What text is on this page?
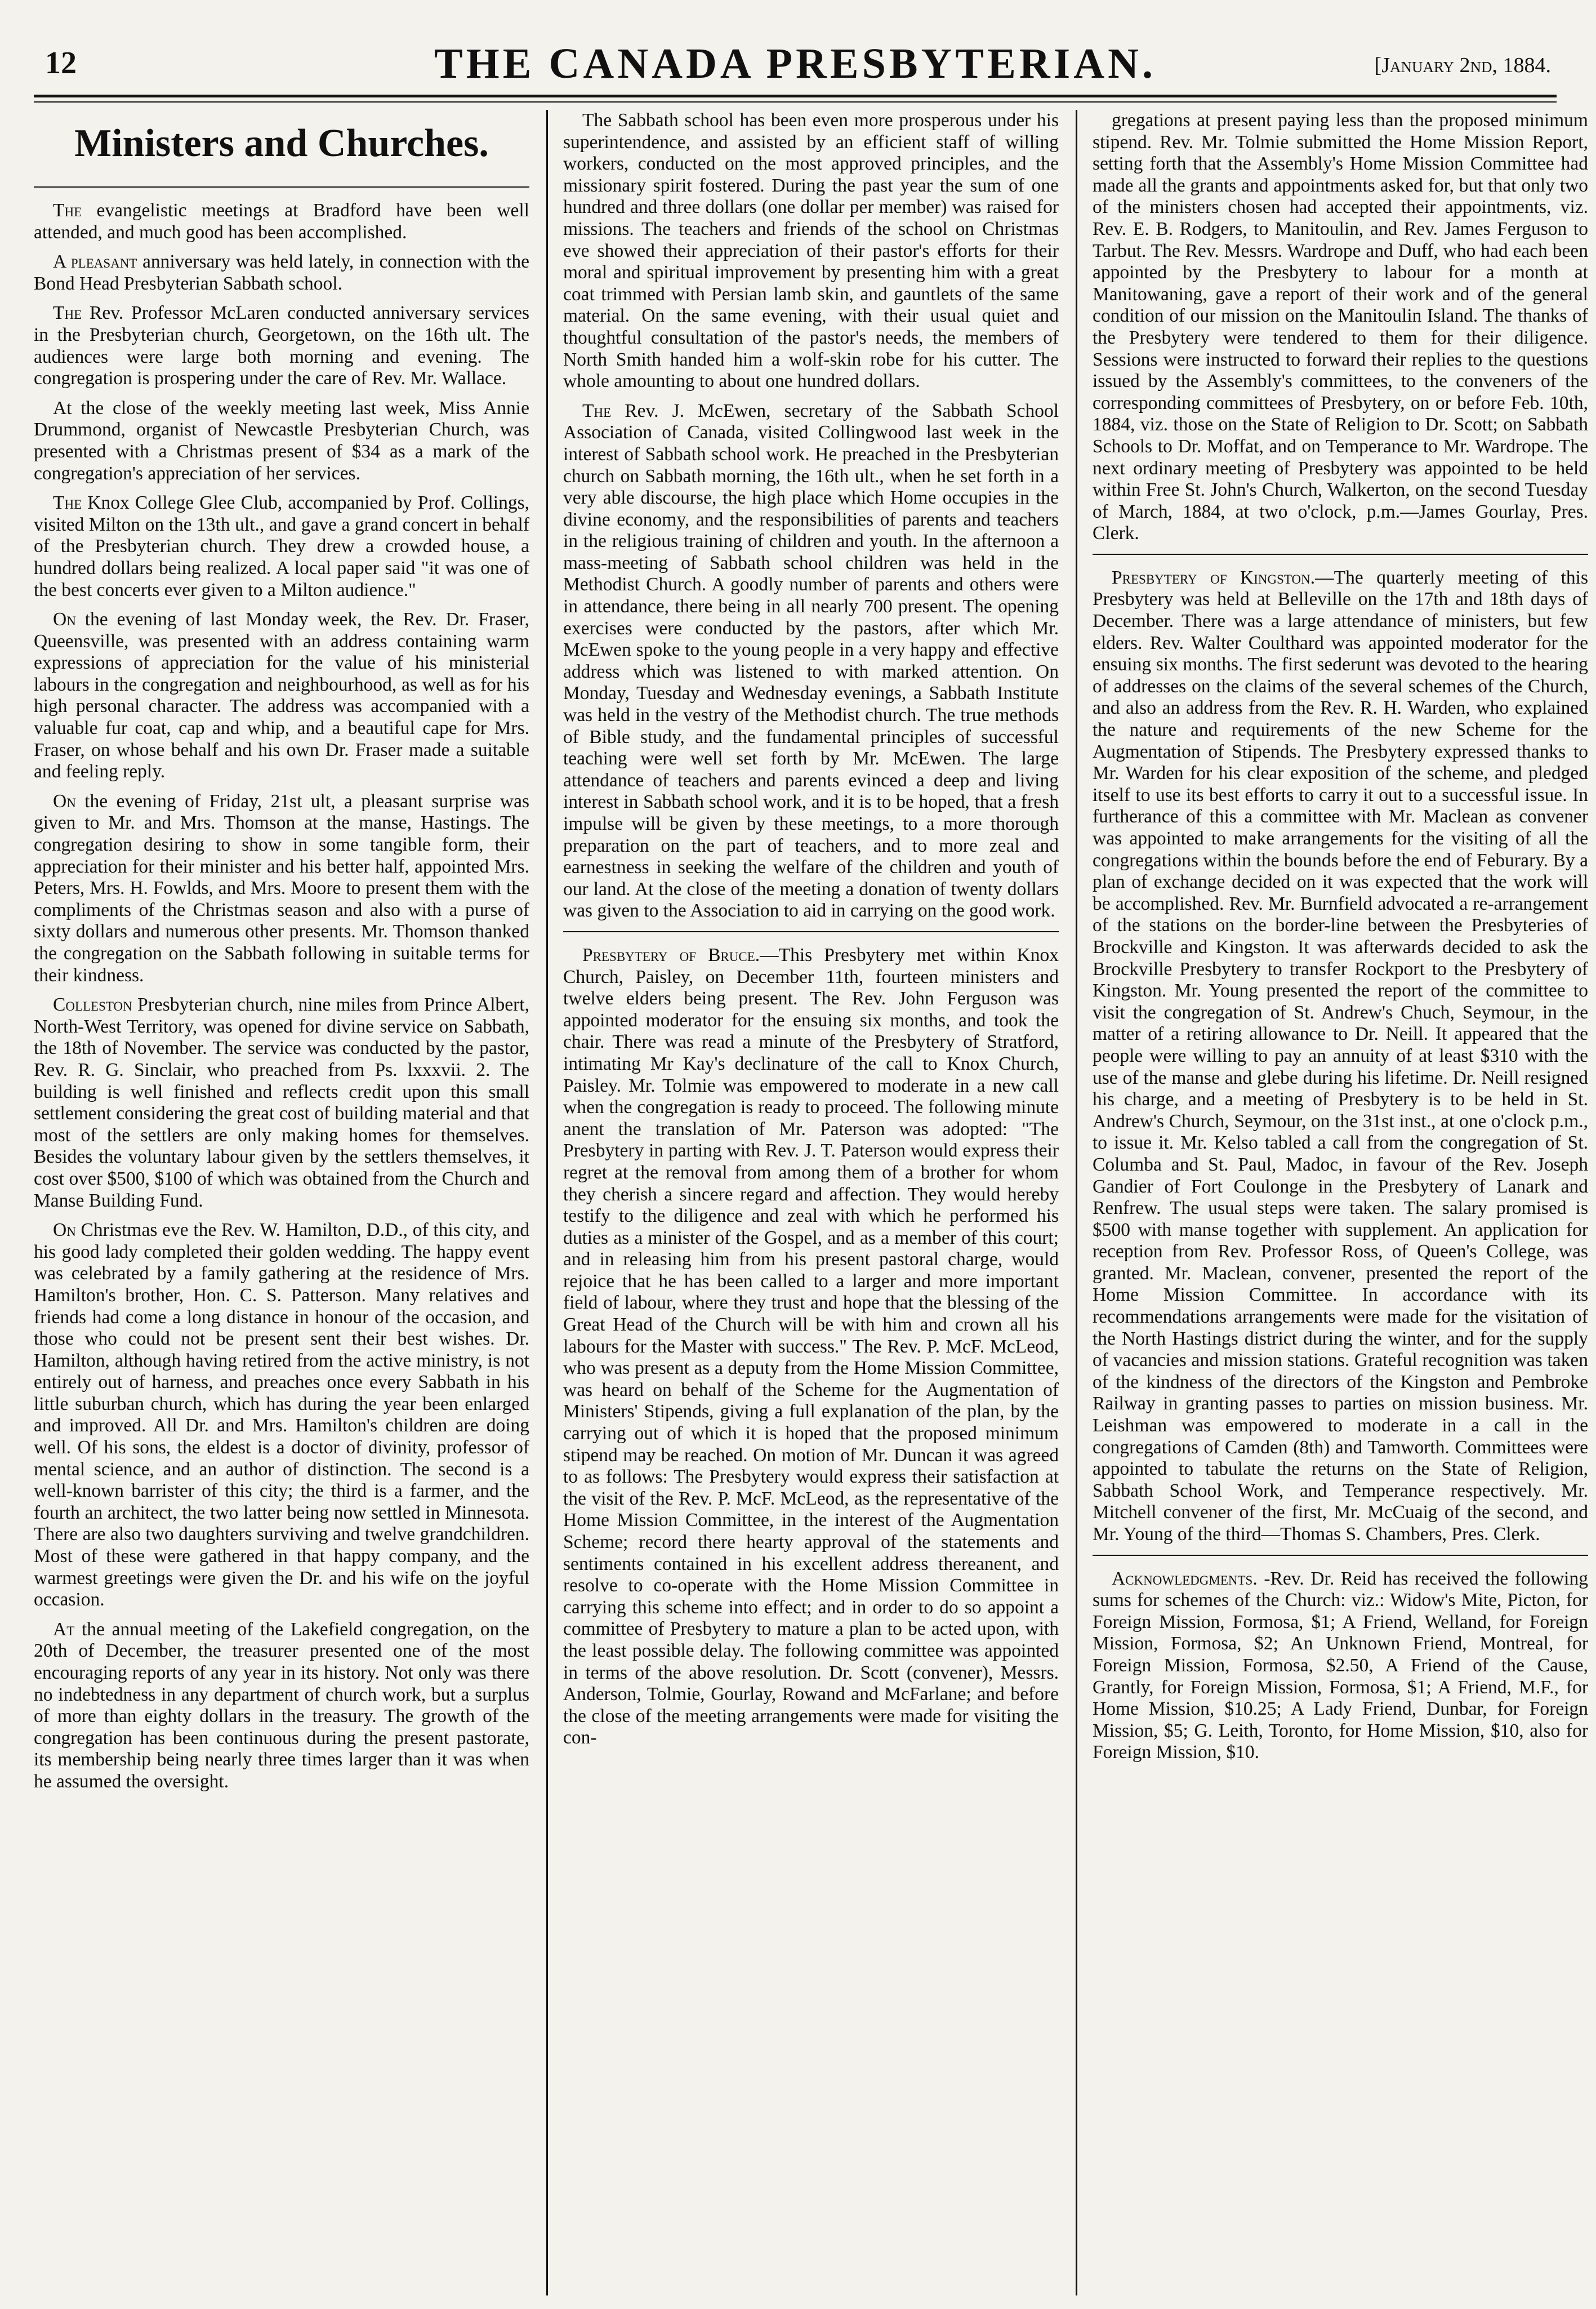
12	THE CANADA PRESBYTERIAN.	[January 2nd, 1884.
Ministers and Churches.

The evangelistic meetings at Bradford have been well attended, and much good has been accomplished.

A pleasant anniversary was held lately, in connection with the Bond Head Presbyterian Sabbath school.

The Rev. Professor McLaren conducted anniversary services in the Presbyterian church, Georgetown, on the 16th ult. The audiences were large both morning and evening. The congregation is prospering under the care of Rev. Mr. Wallace.

At the close of the weekly meeting last week, Miss Annie Drummond, organist of Newcastle Presbyterian Church, was presented with a Christmas present of $34 as a mark of the congregation's appreciation of her services.

The Knox College Glee Club, accompanied by Prof. Collings, visited Milton on the 13th ult., and gave a grand concert in behalf of the Presbyterian church. They drew a crowded house, a hundred dollars being realized. A local paper said "it was one of the best concerts ever given to a Milton audience."

On the evening of last Monday week, the Rev. Dr. Fraser, Queensville, was presented with an address containing warm expressions of appreciation for the value of his ministerial labours in the congregation and neighbourhood, as well as for his high personal character. The address was accompanied with a valuable fur coat, cap and whip, and a beautiful cape for Mrs. Fraser, on whose behalf and his own Dr. Fraser made a suitable and feeling reply.

On the evening of Friday, 21st ult, a pleasant surprise was given to Mr. and Mrs. Thomson at the manse, Hastings. The congregation desiring to show in some tangible form, their appreciation for their minister and his better half, appointed Mrs. Peters, Mrs. H. Fowlds, and Mrs. Moore to present them with the compliments of the Christmas season and also with a purse of sixty dollars and numerous other presents. Mr. Thomson thanked the congregation on the Sabbath following in suitable terms for their kindness.

Colleston Presbyterian church, nine miles from Prince Albert, North-West Territory, was opened for divine service on Sabbath, the 18th of November. The service was conducted by the pastor, Rev. R. G. Sinclair, who preached from Ps. lxxxvii. 2. The building is well finished and reflects credit upon this small settlement considering the great cost of building material and that most of the settlers are only making homes for themselves. Besides the voluntary labour given by the settlers themselves, it cost over $500, $100 of which was obtained from the Church and Manse Building Fund.

On Christmas eve the Rev. W. Hamilton, D.D., of this city, and his good lady completed their golden wedding. The happy event was celebrated by a family gathering at the residence of Mrs. Hamilton's brother, Hon. C. S. Patterson. Many relatives and friends had come a long distance in honour of the occasion, and those who could not be present sent their best wishes. Dr. Hamilton, although having retired from the active ministry, is not entirely out of harness, and preaches once every Sabbath in his little suburban church, which has during the year been enlarged and improved. All Dr. and Mrs. Hamilton's children are doing well. Of his sons, the eldest is a doctor of divinity, professor of mental science, and an author of distinction. The second is a well-known barrister of this city; the third is a farmer, and the fourth an architect, the two latter being now settled in Minnesota. There are also two daughters surviving and twelve grandchildren. Most of these were gathered in that happy company, and the warmest greetings were given the Dr. and his wife on the joyful occasion.

At the annual meeting of the Lakefield congregation, on the 20th of December, the treasurer presented one of the most encouraging reports of any year in its history. Not only was there no indebtedness in any department of church work, but a surplus of more than eighty dollars in the treasury. The growth of the congregation has been continuous during the present pastorate, its membership being nearly three times larger than it was when he assumed the oversight.

The Sabbath school has been even more prosperous under his superintendence, and assisted by an efficient staff of willing workers, conducted on the most approved principles, and the missionary spirit fostered. During the past year the sum of one hundred and three dollars (one dollar per member) was raised for missions. The teachers and friends of the school on Christmas eve showed their appreciation of their pastor's efforts for their moral and spiritual improvement by presenting him with a great coat trimmed with Persian lamb skin, and gauntlets of the same material. On the same evening, with their usual quiet and thoughtful consultation of the pastor's needs, the members of North Smith handed him a wolf-skin robe for his cutter. The whole amounting to about one hundred dollars.

The Rev. J. McEwen, secretary of the Sabbath School Association of Canada, visited Collingwood last week in the interest of Sabbath school work. He preached in the Presbyterian church on Sabbath morning, the 16th ult., when he set forth in a very able discourse, the high place which Home occupies in the divine economy, and the responsibilities of parents and teachers in the religious training of children and youth. In the afternoon a mass-meeting of Sabbath school children was held in the Methodist Church. A goodly number of parents and others were in attendance, there being in all nearly 700 present. The opening exercises were conducted by the pastors, after which Mr. McEwen spoke to the young people in a very happy and effective address which was listened to with marked attention. On Monday, Tuesday and Wednesday evenings, a Sabbath Institute was held in the vestry of the Methodist church. The true methods of Bible study, and the fundamental principles of successful teaching were well set forth by Mr. McEwen. The large attendance of teachers and parents evinced a deep and living interest in Sabbath school work, and it is to be hoped, that a fresh impulse will be given by these meetings, to a more thorough preparation on the part of teachers, and to more zeal and earnestness in seeking the welfare of the children and youth of our land. At the close of the meeting a donation of twenty dollars was given to the Association to aid in carrying on the good work.

Presbytery of Bruce.—This Presbytery met within Knox Church, Paisley, on December 11th, fourteen ministers and twelve elders being present. The Rev. John Ferguson was appointed moderator for the ensuing six months, and took the chair. There was read a minute of the Presbytery of Stratford, intimating Mr Kay's declinature of the call to Knox Church, Paisley. Mr. Tolmie was empowered to moderate in a new call when the congregation is ready to proceed. The following minute anent the translation of Mr. Paterson was adopted: "The Presbytery in parting with Rev. J. T. Paterson would express their regret at the removal from among them of a brother for whom they cherish a sincere regard and affection. They would hereby testify to the diligence and zeal with which he performed his duties as a minister of the Gospel, and as a member of this court; and in releasing him from his present pastoral charge, would rejoice that he has been called to a larger and more important field of labour, where they trust and hope that the blessing of the Great Head of the Church will be with him and crown all his labours for the Master with success." The Rev. P. McF. McLeod, who was present as a deputy from the Home Mission Committee, was heard on behalf of the Scheme for the Augmentation of Ministers' Stipends, giving a full explanation of the plan, by the carrying out of which it is hoped that the proposed minimum stipend may be reached. On motion of Mr. Duncan it was agreed to as follows: The Presbytery would express their satisfaction at the visit of the Rev. P. McF. McLeod, as the representative of the Home Mission Committee, in the interest of the Augmentation Scheme; record there hearty approval of the statements and sentiments contained in his excellent address thereanent, and resolve to co-operate with the Home Mission Committee in carrying this scheme into effect; and in order to do so appoint a committee of Presbytery to mature a plan to be acted upon, with the least possible delay. The following committee was appointed in terms of the above resolution. Dr. Scott (convener), Messrs. Anderson, Tolmie, Gourlay, Rowand and McFarlane; and before the close of the meeting arrangements were made for visiting the con-

gregations at present paying less than the proposed minimum stipend. Rev. Mr. Tolmie submitted the Home Mission Report, setting forth that the Assembly's Home Mission Committee had made all the grants and appointments asked for, but that only two of the ministers chosen had accepted their appointments, viz. Rev. E. B. Rodgers, to Manitoulin, and Rev. James Ferguson to Tarbut. The Rev. Messrs. Wardrope and Duff, who had each been appointed by the Presbytery to labour for a month at Manitowaning, gave a report of their work and of the general condition of our mission on the Manitoulin Island. The thanks of the Presbytery were tendered to them for their diligence. Sessions were instructed to forward their replies to the questions issued by the Assembly's committees, to the conveners of the corresponding committees of Presbytery, on or before Feb. 10th, 1884, viz. those on the State of Religion to Dr. Scott; on Sabbath Schools to Dr. Moffat, and on Temperance to Mr. Wardrope. The next ordinary meeting of Presbytery was appointed to be held within Free St. John's Church, Walkerton, on the second Tuesday of March, 1884, at two o'clock, p.m.—James Gourlay, Pres. Clerk.

Presbytery of Kingston.—The quarterly meeting of this Presbytery was held at Belleville on the 17th and 18th days of December. There was a large attendance of ministers, but few elders. Rev. Walter Coulthard was appointed moderator for the ensuing six months. The first sederunt was devoted to the hearing of addresses on the claims of the several schemes of the Church, and also an address from the Rev. R. H. Warden, who explained the nature and requirements of the new Scheme for the Augmentation of Stipends. The Presbytery expressed thanks to Mr. Warden for his clear exposition of the scheme, and pledged itself to use its best efforts to carry it out to a successful issue. In furtherance of this a committee with Mr. Maclean as convener was appointed to make arrangements for the visiting of all the congregations within the bounds before the end of Feburary. By a plan of exchange decided on it was expected that the work will be accomplished. Rev. Mr. Burnfield advocated a re-arrangement of the stations on the border-line between the Presbyteries of Brockville and Kingston. It was afterwards decided to ask the Brockville Presbytery to transfer Rockport to the Presbytery of Kingston. Mr. Young presented the report of the committee to visit the congregation of St. Andrew's Chuch, Seymour, in the matter of a retiring allowance to Dr. Neill. It appeared that the people were willing to pay an annuity of at least $310 with the use of the manse and glebe during his lifetime. Dr. Neill resigned his charge, and a meeting of Presbytery is to be held in St. Andrew's Church, Seymour, on the 31st inst., at one o'clock p.m., to issue it. Mr. Kelso tabled a call from the congregation of St. Columba and St. Paul, Madoc, in favour of the Rev. Joseph Gandier of Fort Coulonge in the Presbytery of Lanark and Renfrew. The usual steps were taken. The salary promised is $500 with manse together with supplement. An application for reception from Rev. Professor Ross, of Queen's College, was granted. Mr. Maclean, convener, presented the report of the Home Mission Committee. In accordance with its recommendations arrangements were made for the visitation of the North Hastings district during the winter, and for the supply of vacancies and mission stations. Grateful recognition was taken of the kindness of the directors of the Kingston and Pembroke Railway in granting passes to parties on mission business. Mr. Leishman was empowered to moderate in a call in the congregations of Camden (8th) and Tamworth. Committees were appointed to tabulate the returns on the State of Religion, Sabbath School Work, and Temperance respectively. Mr. Mitchell convener of the first, Mr. McCuaig of the second, and Mr. Young of the third—Thomas S. Chambers, Pres. Clerk.

Acknowledgments. -Rev. Dr. Reid has received the following sums for schemes of the Church: viz.: Widow's Mite, Picton, for Foreign Mission, Formosa, $1; A Friend, Welland, for Foreign Mission, Formosa, $2; An Unknown Friend, Montreal, for Foreign Mission, Formosa, $2.50, A Friend of the Cause, Grantly, for Foreign Mission, Formosa, $1; A Friend, M.F., for Home Mission, $10.25; A Lady Friend, Dunbar, for Foreign Mission, $5; G. Leith, Toronto, for Home Mission, $10, also for Foreign Mission, $10.
